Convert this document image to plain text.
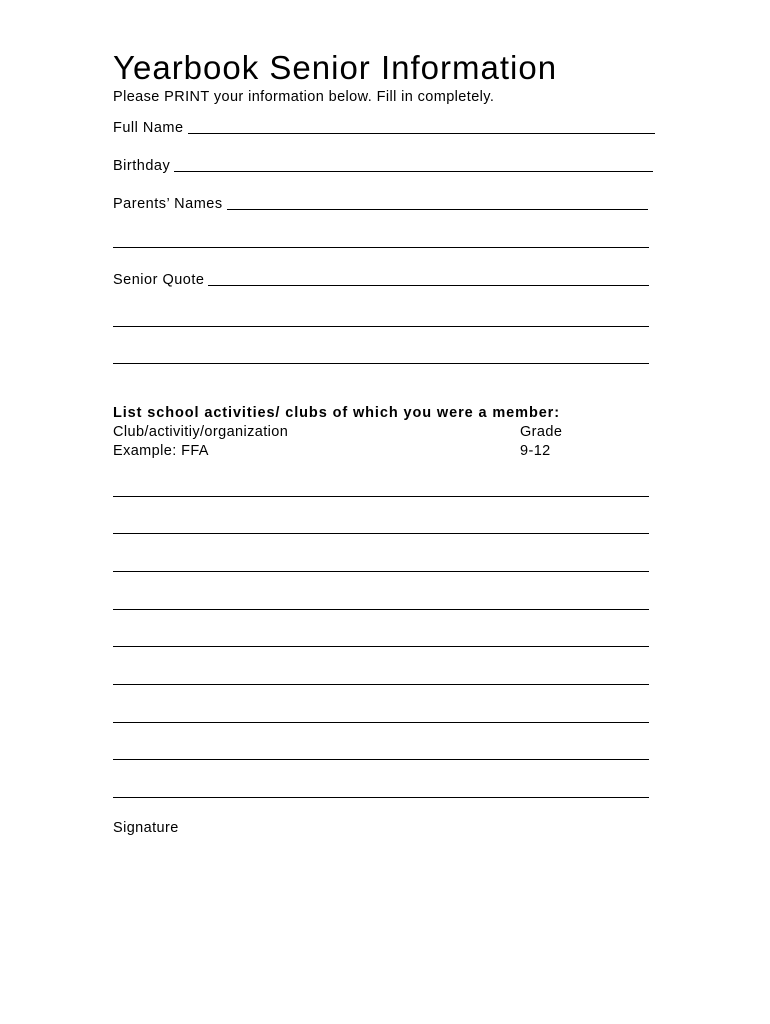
Yearbook Senior Information
Please PRINT your information below. Fill in completely.
Full Name
Birthday
Parents’ Names
Senior Quote
List school activities/ clubs of which you were a member:
Club/activitiy/organization	Grade
Example: FFA	9-12
Signature
